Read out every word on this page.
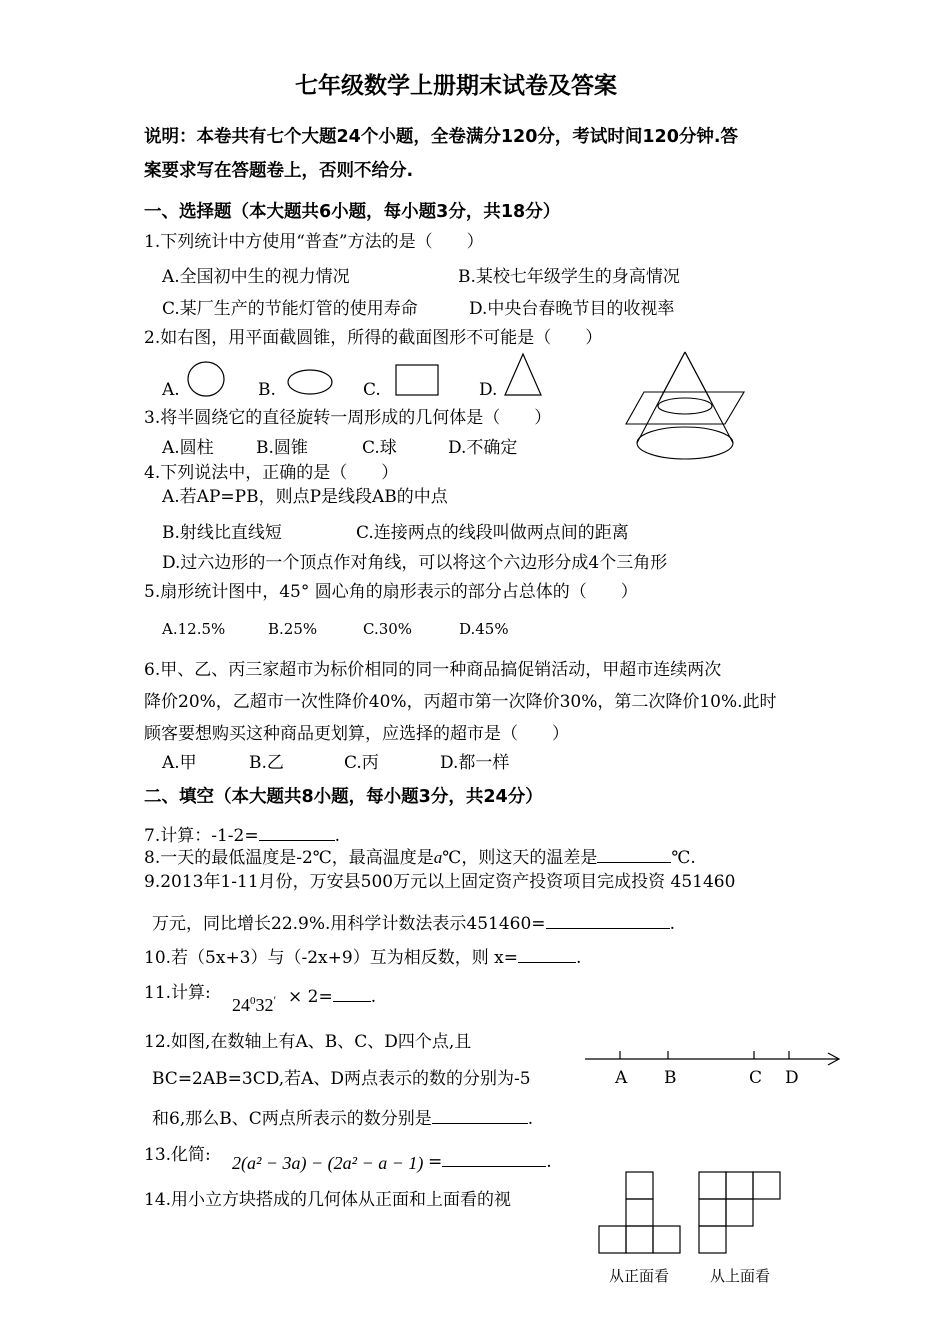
七年级数学上册期末试卷及答案
说明：本卷共有七个大题24个小题，全卷满分120分，考试时间120分钟.答
案要求写在答题卷上，否则不给分.
一、选择题（本大题共6小题，每小题3分，共18分）
1.下列统计中方使用“普查”方法的是（　　）
A.全国初中生的视力情况	B.某校七年级学生的身高情况
C.某厂生产的节能灯管的使用寿命	D.中央台春晚节目的收视率
2.如右图，用平面截圆锥，所得的截面图形不可能是（　　）
A.	B.	C.	D.
3.将半圆绕它的直径旋转一周形成的几何体是（　　）
A.圆柱 B.圆锥	C.球	D.不确定
4.下列说法中，正确的是（　　）
A.若AP=PB，则点P是线段AB的中点
B.射线比直线短	C.连接两点的线段叫做两点间的距离
D.过六边形的一个顶点作对角线，可以将这个六边形分成4个三角形
5.扇形统计图中，45° 圆心角的扇形表示的部分占总体的（　　）
A.12.5%	B.25%	C.30%	D.45%
6.甲、乙、丙三家超市为标价相同的同一种商品搞促销活动，甲超市连续两次
降价20%，乙超市一次性降价40%，丙超市第一次降价30%，第二次降价10%.此时
顾客要想购买这种商品更划算，应选择的超市是（　　）
A.甲	B.乙	C.丙	D.都一样
二、填空（本大题共8小题，每小题3分，共24分）
7.计算：-1-2=	.
8.一天的最低温度是-2℃，最高温度是a℃，则这天的温差是	℃.
9.2013年1-11月份，万安县500万元以上固定资产投资项目完成投资 451460
万元，同比增长22.9%.用科学计数法表示451460=	.
10.若（5x+3）与（-2x+9）互为相反数，则 x=	.
11.计算:
$24^032' \times 2=$ .
12.如图,在数轴上有A、B、C、D四个点,且
BC=2AB=3CD,若A、D两点表示的数的分别为-5
和6,那么B、C两点所表示的数分别是	.
A B	C D
13.化简: 2(a² − 3a) − (2a² − a − 1) =	.
14.用小立方块搭成的几何体从正面和上面看的视
从正面看	从上面看
